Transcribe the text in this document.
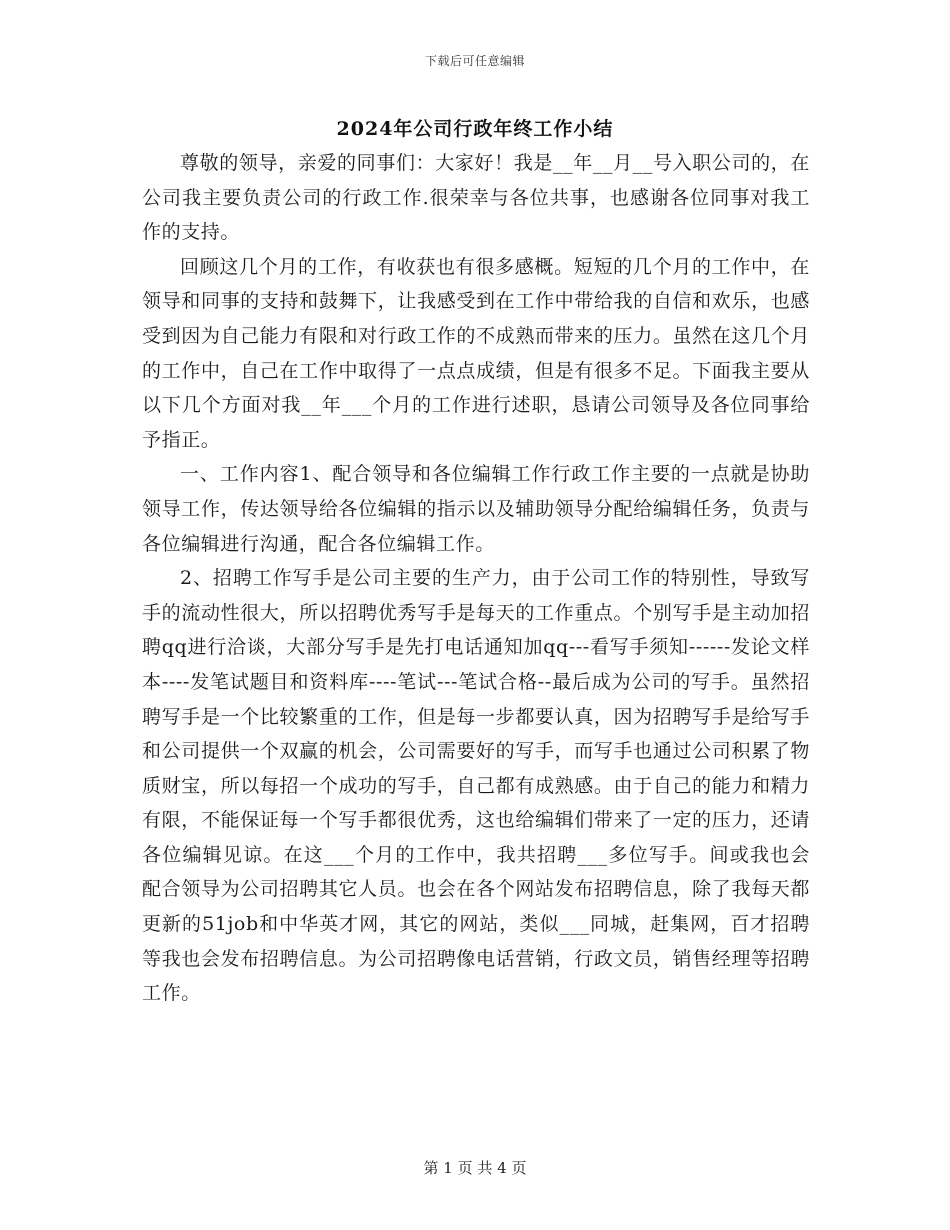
下载后可任意编辑
2024年公司行政年终工作小结

尊敬的领导，亲爱的同事们：大家好！我是__年__月__号入职公司的，在公司我主要负责公司的行政工作.很荣幸与各位共事，也感谢各位同事对我工作的支持。

回顾这几个月的工作，有收获也有很多感概。短短的几个月的工作中，在领导和同事的支持和鼓舞下，让我感受到在工作中带给我的自信和欢乐，也感受到因为自己能力有限和对行政工作的不成熟而带来的压力。虽然在这几个月的工作中，自己在工作中取得了一点点成绩，但是有很多不足。下面我主要从以下几个方面对我__年___个月的工作进行述职，恳请公司领导及各位同事给予指正。

一、工作内容1、配合领导和各位编辑工作行政工作主要的一点就是协助领导工作，传达领导给各位编辑的指示以及辅助领导分配给编辑任务，负责与各位编辑进行沟通，配合各位编辑工作。

2、招聘工作写手是公司主要的生产力，由于公司工作的特别性，导致写手的流动性很大，所以招聘优秀写手是每天的工作重点。个别写手是主动加招聘qq进行洽谈，大部分写手是先打电话通知加qq---看写手须知------发论文样本----发笔试题目和资料库----笔试---笔试合格--最后成为公司的写手。虽然招聘写手是一个比较繁重的工作，但是每一步都要认真，因为招聘写手是给写手和公司提供一个双赢的机会，公司需要好的写手，而写手也通过公司积累了物质财宝，所以每招一个成功的写手，自己都有成熟感。由于自己的能力和精力有限，不能保证每一个写手都很优秀，这也给编辑们带来了一定的压力，还请各位编辑见谅。在这___个月的工作中，我共招聘___多位写手。间或我也会配合领导为公司招聘其它人员。也会在各个网站发布招聘信息，除了我每天都更新的51job和中华英才网，其它的网站，类似___同城，赶集网，百才招聘等我也会发布招聘信息。为公司招聘像电话营销，行政文员，销售经理等招聘工作。

第 1 页 共 4 页
